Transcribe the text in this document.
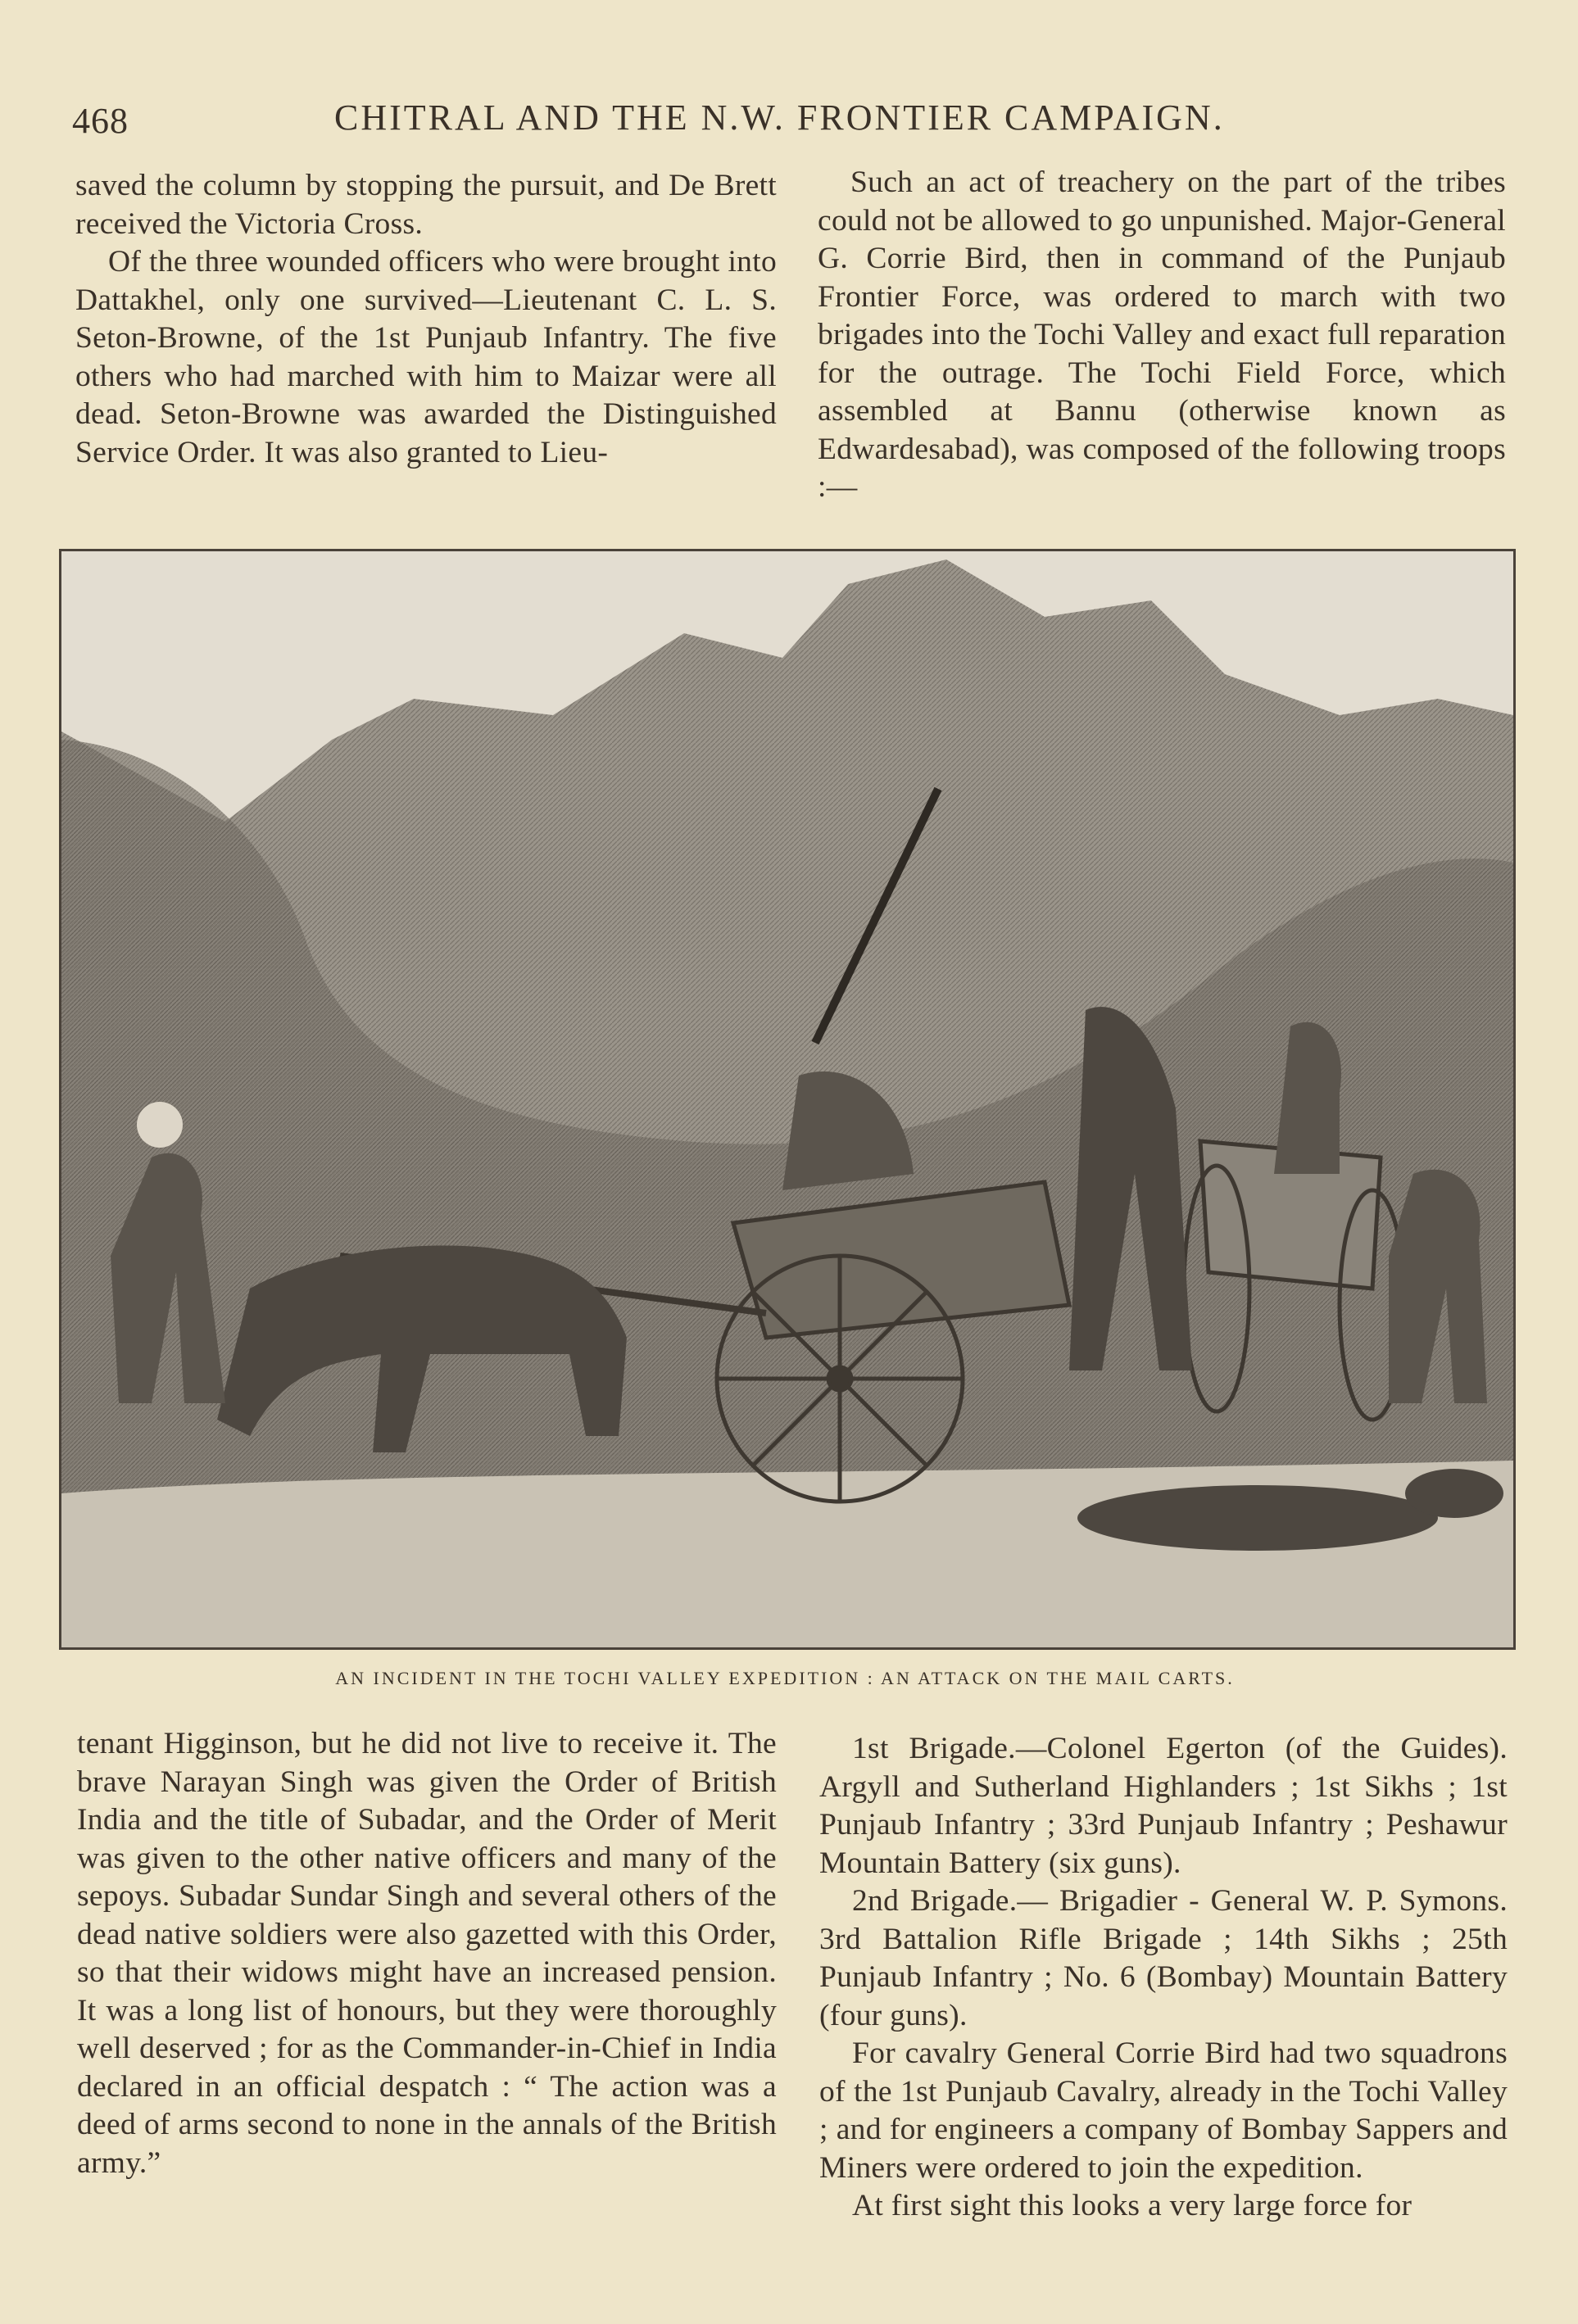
468	CHITRAL AND THE N.W. FRONTIER CAMPAIGN.

saved the column by stopping the pursuit, and De Brett received the Victoria Cross.

Of the three wounded officers who were brought into Dattakhel, only one survived—Lieutenant C. L. S. Seton-Browne, of the 1st Punjaub Infantry. The five others who had marched with him to Maizar were all dead. Seton-Browne was awarded the Distinguished Service Order. It was also granted to Lieu-

Such an act of treachery on the part of the tribes could not be allowed to go unpunished. Major-General G. Corrie Bird, then in command of the Punjaub Frontier Force, was ordered to march with two brigades into the Tochi Valley and exact full reparation for the outrage. The Tochi Field Force, which assembled at Bannu (otherwise known as Edwardesabad), was composed of the following troops :—

AN INCIDENT IN THE TOCHI VALLEY EXPEDITION : AN ATTACK ON THE MAIL CARTS.

tenant Higginson, but he did not live to receive it. The brave Narayan Singh was given the Order of British India and the title of Subadar, and the Order of Merit was given to the other native officers and many of the sepoys. Subadar Sundar Singh and several others of the dead native soldiers were also gazetted with this Order, so that their widows might have an increased pension. It was a long list of honours, but they were thoroughly well deserved ; for as the Commander-in-Chief in India declared in an official despatch : “ The action was a deed of arms second to none in the annals of the British army.”

1st Brigade.—Colonel Egerton (of the Guides). Argyll and Sutherland Highlanders ; 1st Sikhs ; 1st Punjaub Infantry ; 33rd Punjaub Infantry ; Peshawur Mountain Battery (six guns).

2nd Brigade.— Brigadier - General W. P. Symons. 3rd Battalion Rifle Brigade ; 14th Sikhs ; 25th Punjaub Infantry ; No. 6 (Bombay) Mountain Battery (four guns).

For cavalry General Corrie Bird had two squadrons of the 1st Punjaub Cavalry, already in the Tochi Valley ; and for engineers a company of Bombay Sappers and Miners were ordered to join the expedition.

At first sight this looks a very large force for
